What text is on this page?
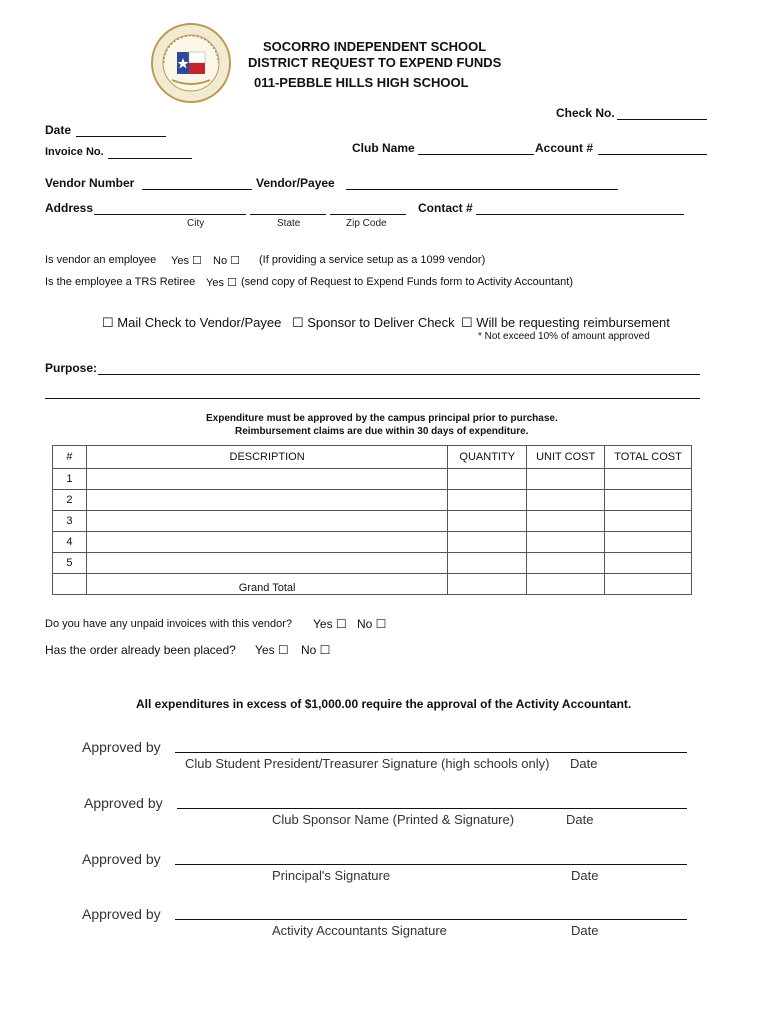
SOCORRO INDEPENDENT SCHOOL
DISTRICT REQUEST TO EXPEND FUNDS
011-PEBBLE HILLS HIGH SCHOOL
Check No.
Date
Club Name	Account #
Invoice No.
Vendor Number	Vendor/Payee
Address
City	State	Zip Code
Contact #
Is vendor an employee Yes ☐ No ☐ (If providing a service setup as a 1099 vendor)
Is the employee a TRS Retiree Yes ☐ (send copy of Request to Expend Funds form to Activity Accountant)
☐ Mail Check to Vendor/Payee ☐ Sponsor to Deliver Check ☐ Will be requesting reimbursement
* Not exceed 10% of amount approved
Purpose:
Expenditure must be approved by the campus principal prior to purchase.
Reimbursement claims are due within 30 days of expenditure.
#	DESCRIPTION	QUANTITY	UNIT COST	TOTAL COST
1				
2				
3				
4				
5				
	Grand Total			
Do you have any unpaid invoices with this vendor? Yes ☐ No ☐
Has the order already been placed? Yes ☐ No ☐
All expenditures in excess of $1,000.00 require the approval of the Activity Accountant.
Approved by
Club Student President/Treasurer Signature (high schools only) Date
Approved by
Club Sponsor Name (Printed & Signature)	Date
Approved by
Principal's Signature	Date
Approved by
Activity Accountants Signature	Date
